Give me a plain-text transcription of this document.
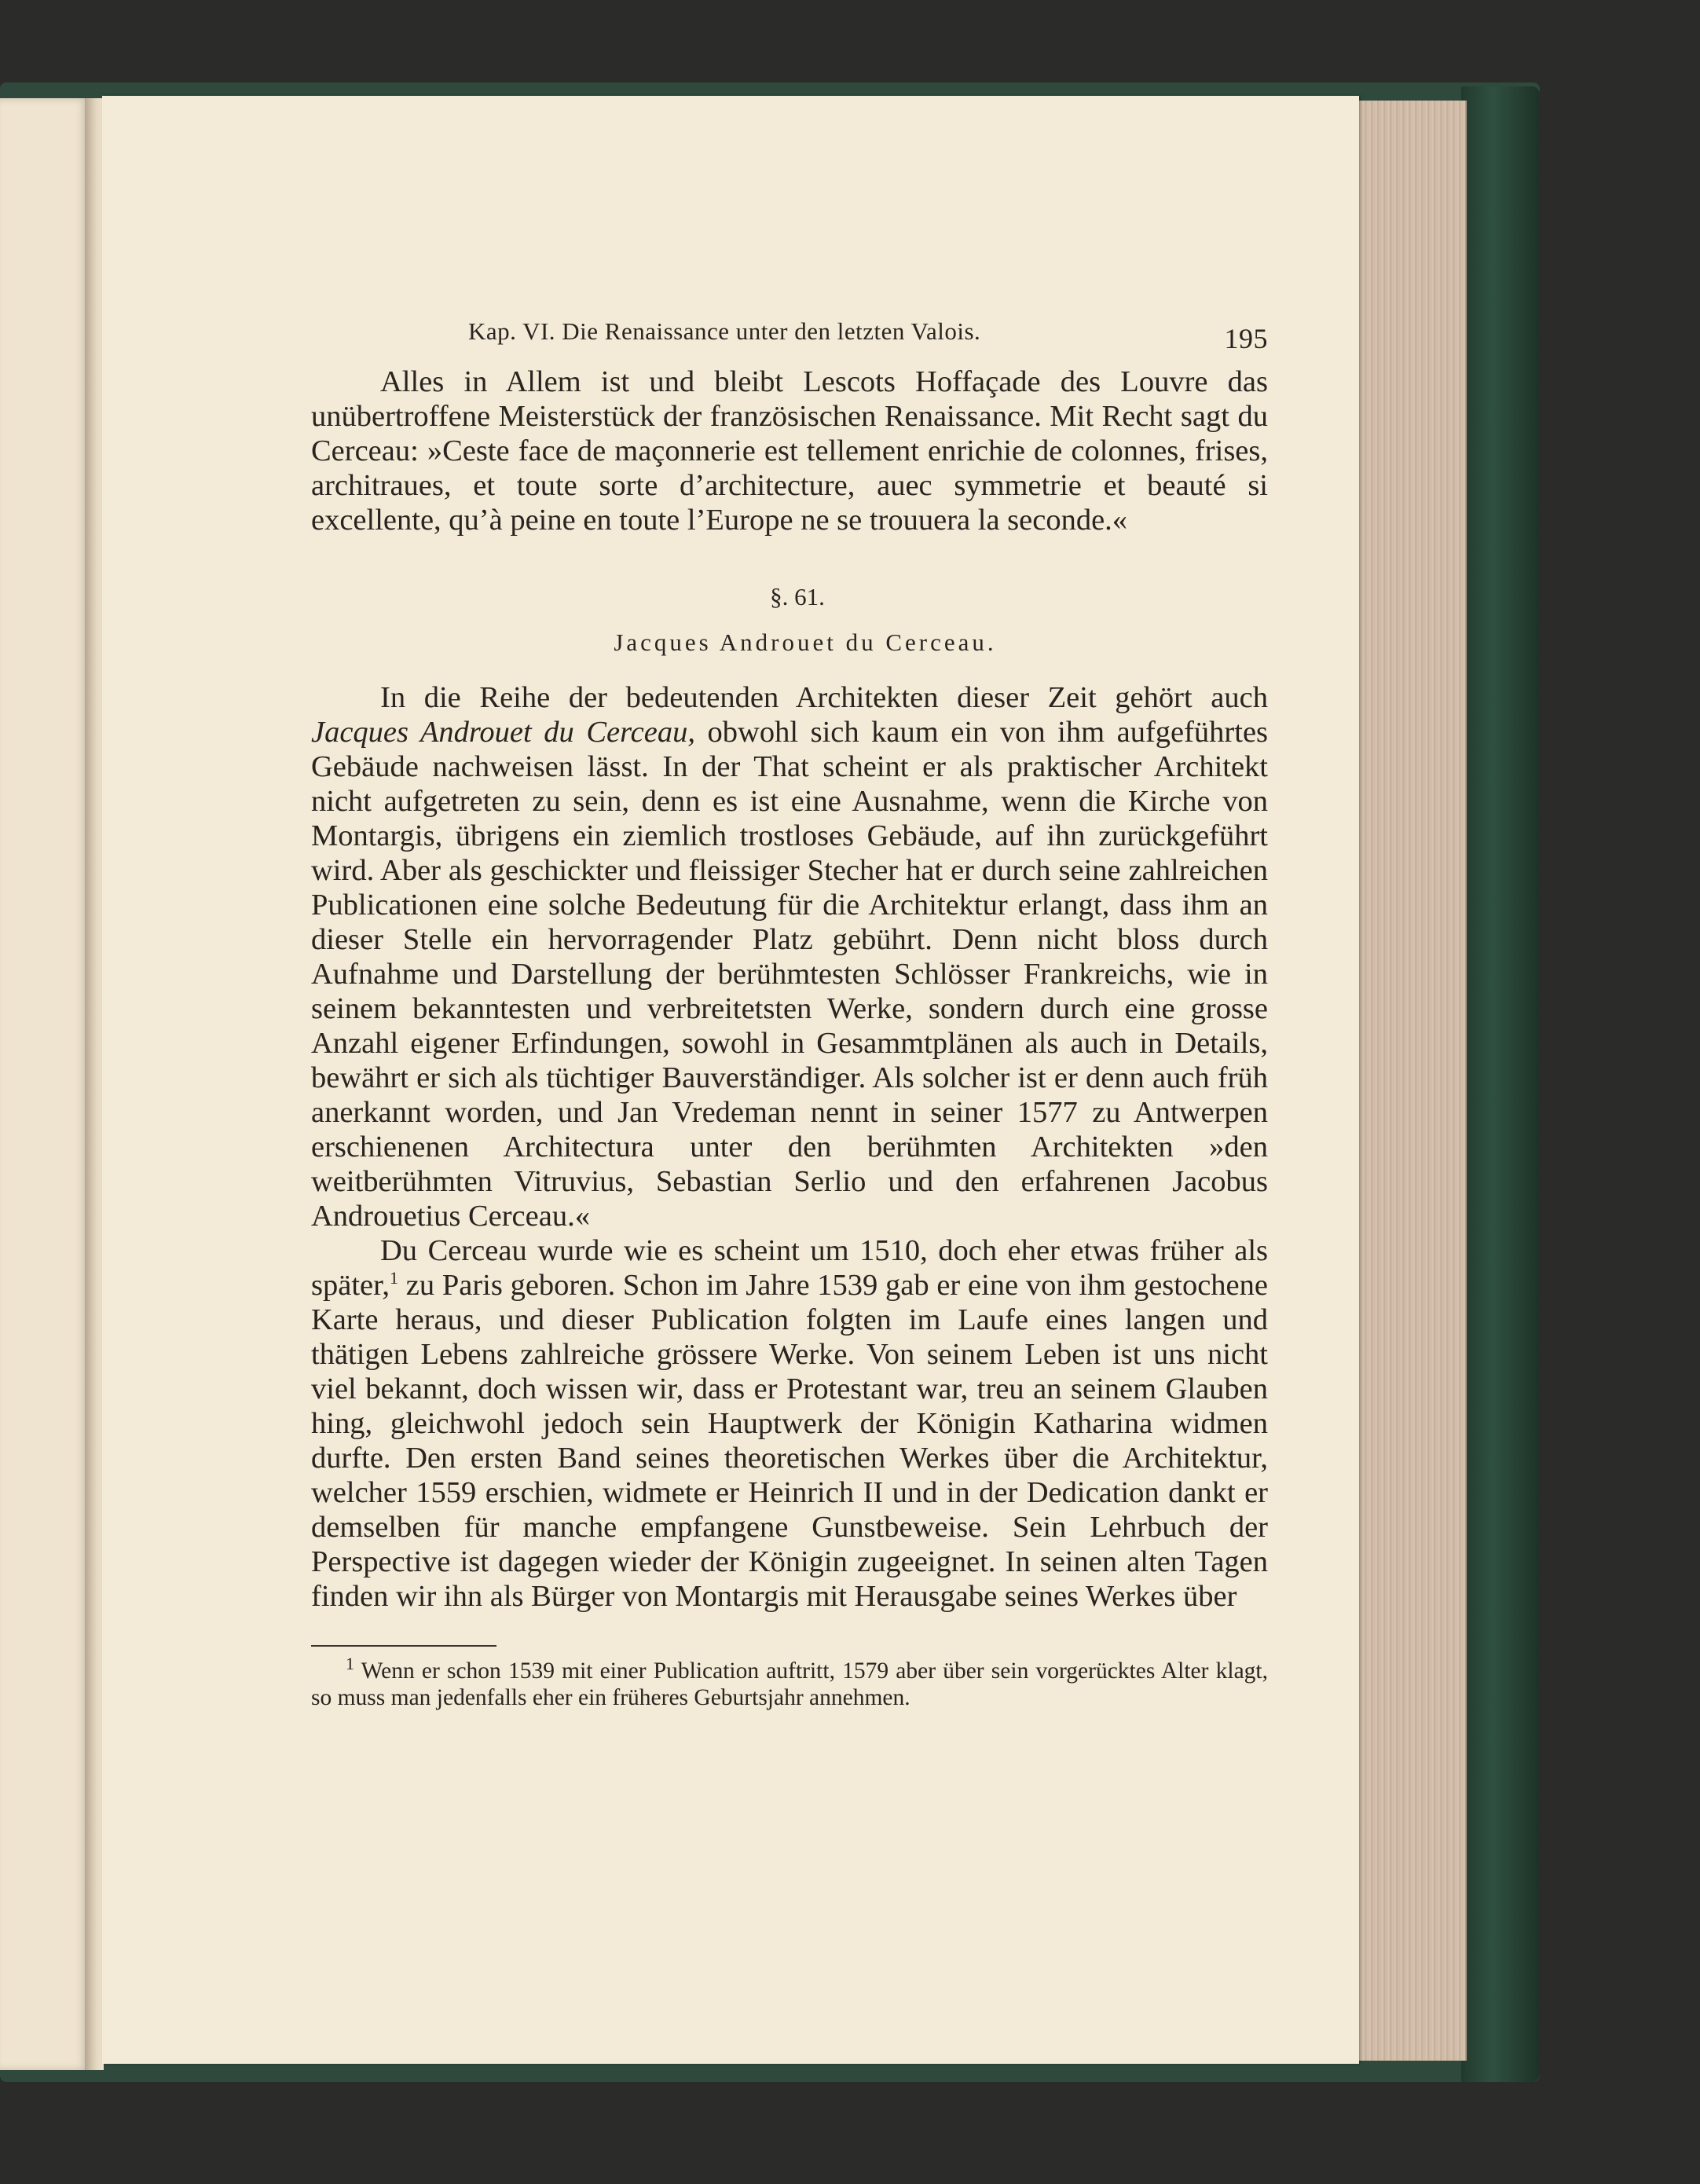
Kap. VI. Die Renaissance unter den letzten Valois.	195

Alles in Allem ist und bleibt Lescots Hoffaçade des Louvre das unübertroffene Meisterstück der französischen Renaissance. Mit Recht sagt du Cerceau: »Ceste face de maçonnerie est tellement enrichie de colonnes, frises, architraues, et toute sorte d’architecture, auec symmetrie et beauté si excellente, qu’à peine en toute l’Europe ne se trouuera la seconde.«

§. 61.
Jacques Androuet du Cerceau.

In die Reihe der bedeutenden Architekten dieser Zeit gehört auch Jacques Androuet du Cerceau, obwohl sich kaum ein von ihm aufgeführtes Gebäude nachweisen lässt. In der That scheint er als praktischer Architekt nicht aufgetreten zu sein, denn es ist eine Ausnahme, wenn die Kirche von Montargis, übrigens ein ziemlich trostloses Gebäude, auf ihn zurückgeführt wird. Aber als geschickter und fleissiger Stecher hat er durch seine zahlreichen Publicationen eine solche Bedeutung für die Architektur erlangt, dass ihm an dieser Stelle ein hervorragender Platz gebührt. Denn nicht bloss durch Aufnahme und Darstellung der berühmtesten Schlösser Frankreichs, wie in seinem bekanntesten und verbreitetsten Werke, sondern durch eine grosse Anzahl eigener Erfindungen, sowohl in Gesammtplänen als auch in Details, bewährt er sich als tüchtiger Bauverständiger. Als solcher ist er denn auch früh anerkannt worden, und Jan Vredeman nennt in seiner 1577 zu Antwerpen erschienenen Architectura unter den berühmten Architekten »den weitberühmten Vitruvius, Sebastian Serlio und den erfahrenen Jacobus Androuetius Cerceau.«

Du Cerceau wurde wie es scheint um 1510, doch eher etwas früher als später,$^1$ zu Paris geboren. Schon im Jahre 1539 gab er eine von ihm gestochene Karte heraus, und dieser Publication folgten im Laufe eines langen und thätigen Lebens zahlreiche grössere Werke. Von seinem Leben ist uns nicht viel bekannt, doch wissen wir, dass er Protestant war, treu an seinem Glauben hing, gleichwohl jedoch sein Hauptwerk der Königin Katharina widmen durfte. Den ersten Band seines theoretischen Werkes über die Architektur, welcher 1559 erschien, widmete er Heinrich II und in der Dedication dankt er demselben für manche empfangene Gunstbeweise. Sein Lehrbuch der Perspective ist dagegen wieder der Königin zugeeignet. In seinen alten Tagen finden wir ihn als Bürger von Montargis mit Herausgabe seines Werkes über

$^1$ Wenn er schon 1539 mit einer Publication auftritt, 1579 aber über sein vorgerücktes Alter klagt, so muss man jedenfalls eher ein früheres Geburtsjahr annehmen.
